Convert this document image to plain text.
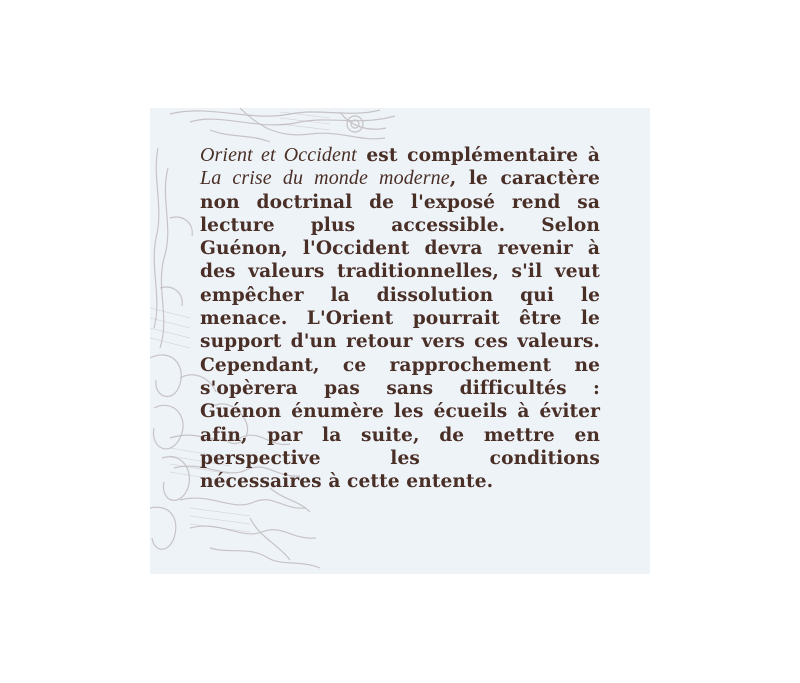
Orient et Occident est complémentaire à La crise du monde moderne, le caractère non doctrinal de l'exposé rend sa lecture plus accessible. Selon Guénon, l'Occident devra revenir à des valeurs traditionnelles, s'il veut empêcher la dissolution qui le menace. L'Orient pourrait être le support d'un retour vers ces valeurs. Cependant, ce rapprochement ne s'opèrera pas sans difficultés : Guénon énumère les écueils à éviter afin, par la suite, de mettre en perspective les conditions nécessaires à cette entente.
